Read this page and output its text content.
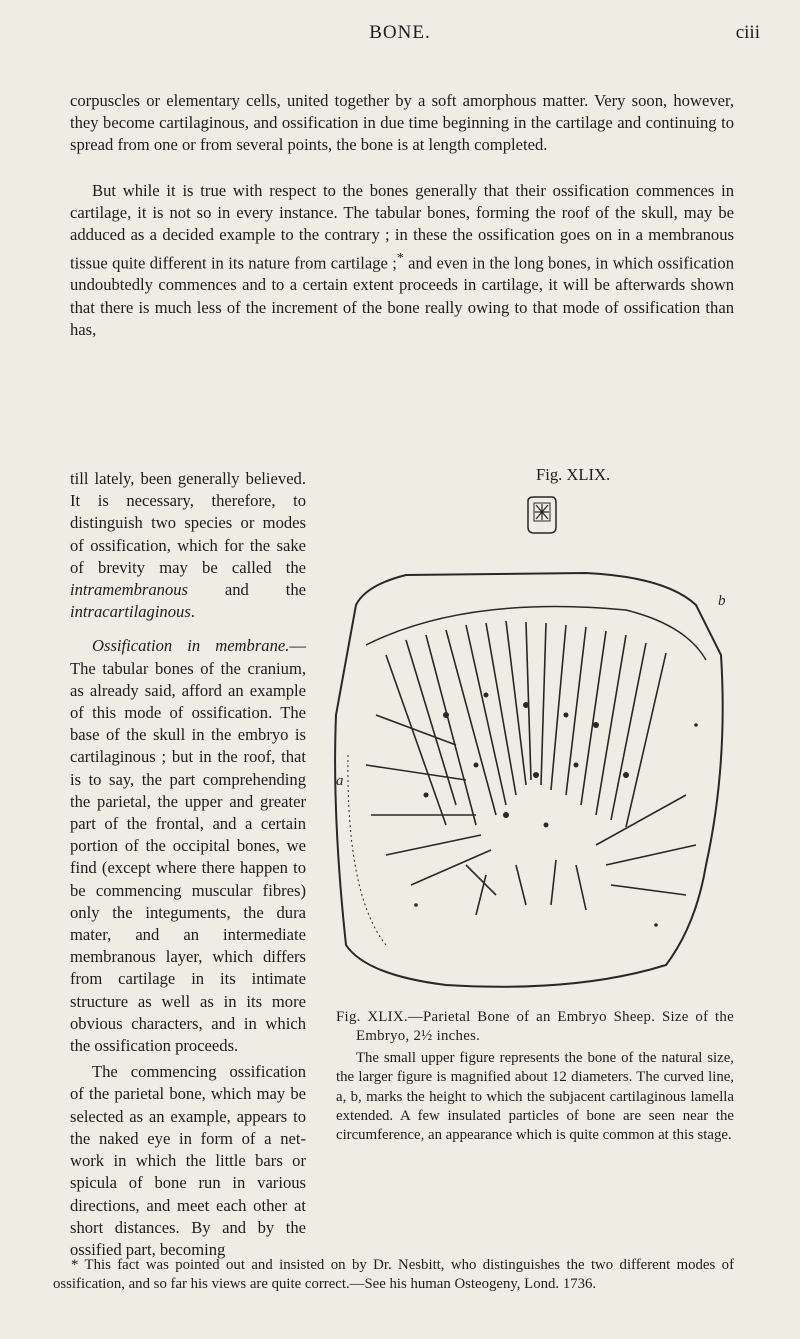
BONE.	ciii

corpuscles or elementary cells, united together by a soft amorphous matter. Very soon, however, they become cartilaginous, and ossification in due time beginning in the cartilage and continuing to spread from one or from several points, the bone is at length completed.

But while it is true with respect to the bones generally that their ossification commences in cartilage, it is not so in every instance. The tabular bones, forming the roof of the skull, may be adduced as a decided example to the contrary ; in these the ossification goes on in a membranous tissue quite different in its nature from cartilage ;* and even in the long bones, in which ossification undoubtedly commences and to a certain extent proceeds in cartilage, it will be afterwards shown that there is much less of the increment of the bone really owing to that mode of ossification than has,

till lately, been generally believed. It is necessary, therefore, to distinguish two species or modes of ossification, which for the sake of brevity may be called the intramembranous and the intracartilaginous.

Ossification in membrane.—The tabular bones of the cranium, as already said, afford an example of this mode of ossification. The base of the skull in the embryo is cartilaginous ; but in the roof, that is to say, the part comprehending the parietal, the upper and greater part of the frontal, and a certain portion of the occipital bones, we find (except where there happen to be commencing muscular fibres) only the integuments, the dura mater, and an intermediate membranous layer, which differs from cartilage in its intimate structure as well as in its more obvious characters, and in which the ossification proceeds.

The commencing ossification of the parietal bone, which may be selected as an example, appears to the naked eye in form of a net-work in which the little bars or spicula of bone run in various directions, and meet each other at short distances. By and by the ossified part, becoming

Fig. XLIX.
a
b

Fig. XLIX.—Parietal Bone of an Embryo Sheep. Size of the Embryo, 2½ inches.

The small upper figure represents the bone of the natural size, the larger figure is magnified about 12 diameters. The curved line, a, b, marks the height to which the subjacent cartilaginous lamella extended. A few insulated particles of bone are seen near the circumference, an appearance which is quite common at this stage.

* This fact was pointed out and insisted on by Dr. Nesbitt, who distinguishes the two different modes of ossification, and so far his views are quite correct.—See his human Osteogeny, Lond. 1736.
